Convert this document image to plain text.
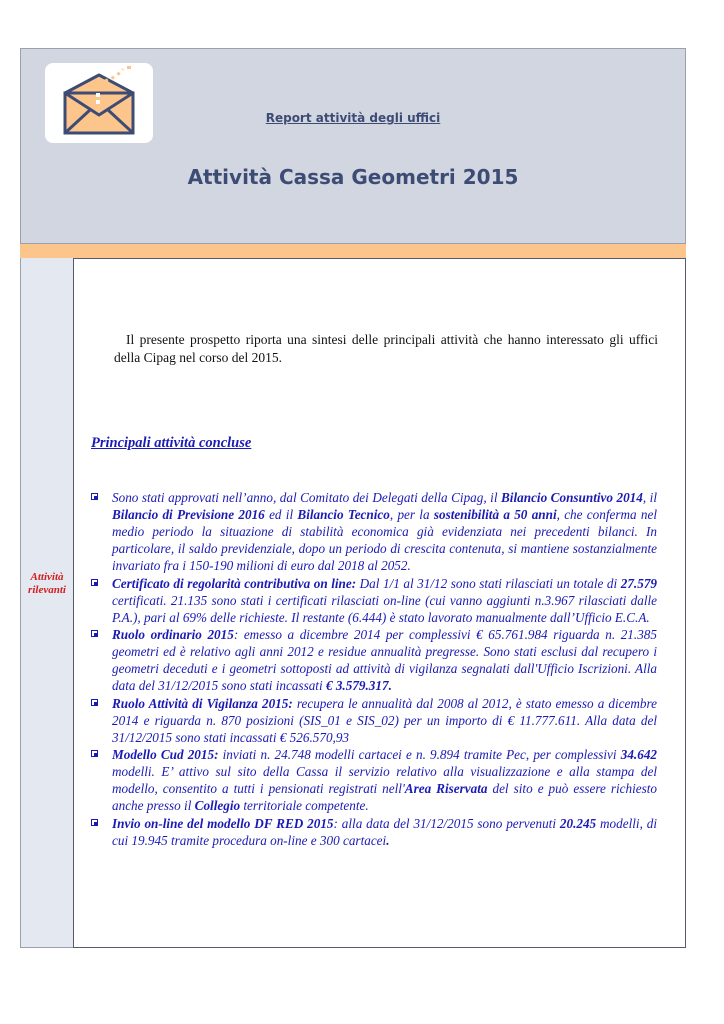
Report attività degli uffici
Attività Cassa Geometri 2015
Attività rilevanti
Il presente prospetto riporta una sintesi delle principali attività che hanno interessato gli uffici della Cipag nel corso del 2015.
Principali attività concluse
Sono stati approvati nell’anno, dal Comitato dei Delegati della Cipag, il Bilancio Consuntivo 2014, il Bilancio di Previsione 2016 ed il Bilancio Tecnico, per la sostenibilità a 50 anni, che conferma nel medio periodo la situazione di stabilità economica già evidenziata nei precedenti bilanci. In particolare, il saldo previdenziale, dopo un periodo di crescita contenuta, si mantiene sostanzialmente invariato fra i 150-190 milioni di euro dal 2018 al 2052.
Certificato di regolarità contributiva on line: Dal 1/1 al 31/12 sono stati rilasciati un totale di 27.579 certificati. 21.135 sono stati i certificati rilasciati on-line (cui vanno aggiunti n.3.967 rilasciati dalle P.A.), pari al 69% delle richieste. Il restante (6.444) è stato lavorato manualmente dall’Ufficio E.C.A.
Ruolo ordinario 2015: emesso a dicembre 2014 per complessivi € 65.761.984 riguarda n. 21.385 geometri ed è relativo agli anni 2012 e residue annualità pregresse. Sono stati esclusi dal recupero i geometri deceduti e i geometri sottoposti ad attività di vigilanza segnalati dall'Ufficio Iscrizioni. Alla data del 31/12/2015 sono stati incassati € 3.579.317.
Ruolo Attività di Vigilanza 2015: recupera le annualità dal 2008 al 2012, è stato emesso a dicembre 2014 e riguarda n. 870 posizioni (SIS_01 e SIS_02) per un importo di € 11.777.611. Alla data del 31/12/2015 sono stati incassati € 526.570,93
Modello Cud 2015: inviati n. 24.748 modelli cartacei e n. 9.894 tramite Pec, per complessivi 34.642 modelli. E’ attivo sul sito della Cassa il servizio relativo alla visualizzazione e alla stampa del modello, consentito a tutti i pensionati registrati nell'Area Riservata del sito e può essere richiesto anche presso il Collegio territoriale competente.
Invio on-line del modello DF RED 2015: alla data del 31/12/2015 sono pervenuti 20.245 modelli, di cui 19.945 tramite procedura on-line e 300 cartacei.
